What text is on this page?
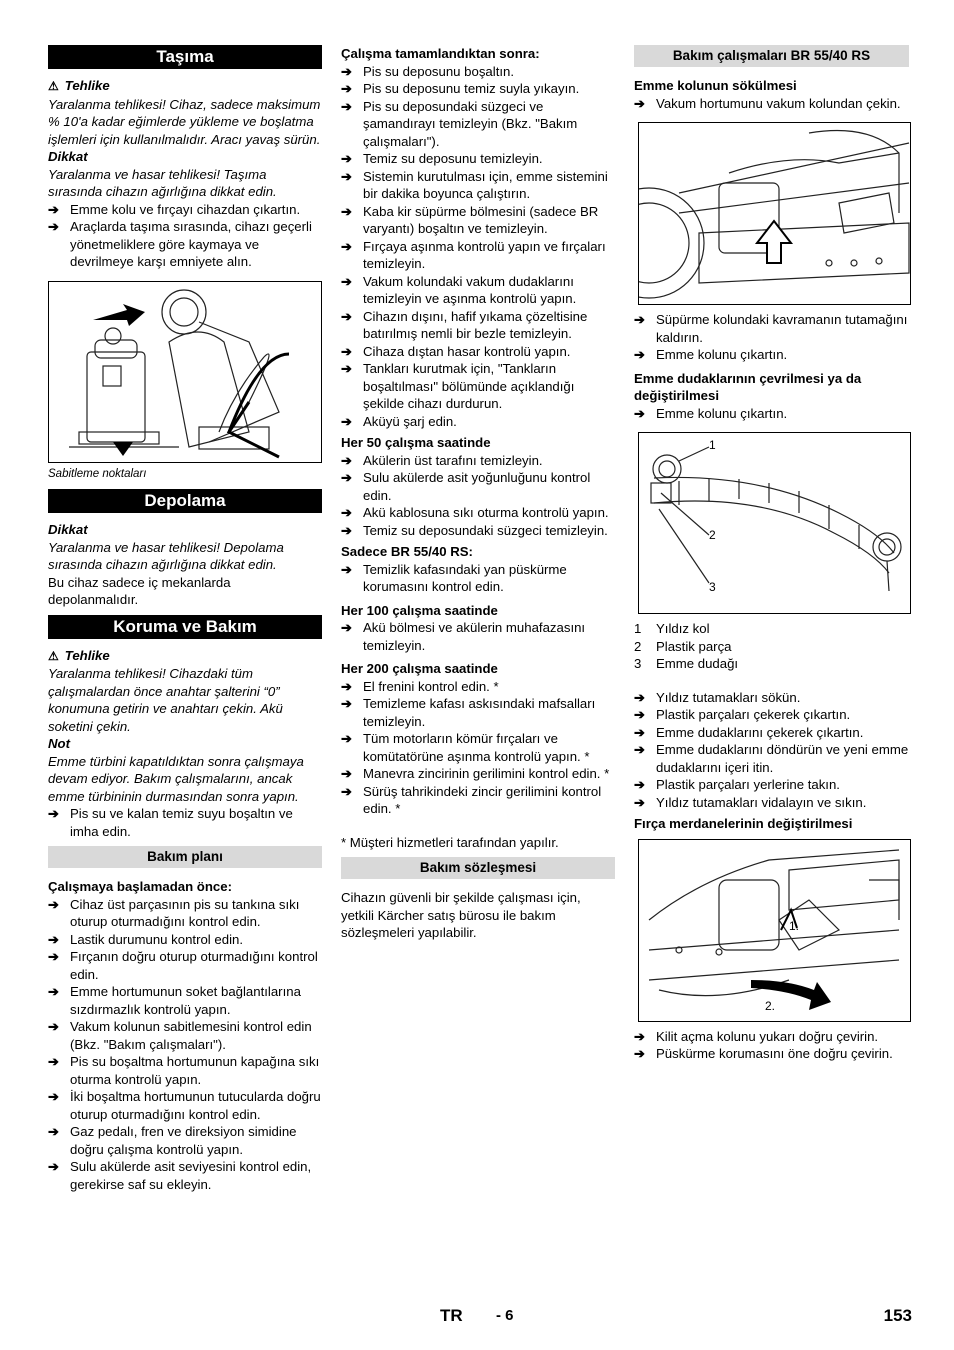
Taşıma
⚠ Tehlike
Yaralanma tehlikesi! Cihaz, sadece maksimum % 10'a kadar eğimlerde yükleme ve boşlatma işlemleri için kullanılmalıdır. Aracı yavaş sürün.
Dikkat
Yaralanma ve hasar tehlikesi! Taşıma sırasında cihazın ağırlığına dikkat edin.
➔ Emme kolu ve fırçayı cihazdan çıkartın.
➔ Araçlarda taşıma sırasında, cihazı geçerli yönetmeliklere göre kaymaya ve devrilmeye karşı emniyete alın.
Sabitleme noktaları
Depolama
Dikkat
Yaralanma ve hasar tehlikesi! Depolama sırasında cihazın ağırlığına dikkat edin.
Bu cihaz sadece iç mekanlarda depolanmalıdır.
Koruma ve Bakım
⚠ Tehlike
Yaralanma tehlikesi! Cihazdaki tüm çalışmalardan önce anahtar şalterini “0” konumuna getirin ve anahtarı çekin. Akü soketini çekin.
Not
Emme türbini kapatıldıktan sonra çalışmaya devam ediyor. Bakım çalışmalarını, ancak emme türbininin durmasından sonra yapın.
➔ Pis su ve kalan temiz suyu boşaltın ve imha edin.
Bakım planı
Çalışmaya başlamadan önce:
➔ Cihaz üst parçasının pis su tankına sıkı oturup oturmadığını kontrol edin.
➔ Lastik durumunu kontrol edin.
➔ Fırçanın doğru oturup oturmadığını kontrol edin.
➔ Emme hortumunun soket bağlantılarına sızdırmazlık kontrolü yapın.
➔ Vakum kolunun sabitlemesini kontrol edin (Bkz. "Bakım çalışmaları").
➔ Pis su boşaltma hortumunun kapağına sıkı oturma kontrolü yapın.
➔ İki boşaltma hortumunun tutucularda doğru oturup oturmadığını kontrol edin.
➔ Gaz pedalı, fren ve direksiyon simidine doğru çalışma kontrolü yapın.
➔ Sulu akülerde asit seviyesini kontrol edin, gerekirse saf su ekleyin.
Çalışma tamamlandıktan sonra:
➔ Pis su deposunu boşaltın.
➔ Pis su deposunu temiz suyla yıkayın.
➔ Pis su deposundaki süzgeci ve şamandırayı temizleyin (Bkz. "Bakım çalışmaları").
➔ Temiz su deposunu temizleyin.
➔ Sistemin kurutulması için, emme sistemini bir dakika boyunca çalıştırın.
➔ Kaba kir süpürme bölmesini (sadece BR varyantı) boşaltın ve temizleyin.
➔ Fırçaya aşınma kontrolü yapın ve fırçaları temizleyin.
➔ Vakum kolundaki vakum dudaklarını temizleyin ve aşınma kontrolü yapın.
➔ Cihazın dışını, hafif yıkama çözeltisine batırılmış nemli bir bezle temizleyin.
➔ Cihaza dıştan hasar kontrolü yapın.
➔ Tankları kurutmak için, "Tankların boşaltılması" bölümünde açıklandığı şekilde cihazı durdurun.
➔ Aküyü şarj edin.
Her 50 çalışma saatinde
➔ Akülerin üst tarafını temizleyin.
➔ Sulu akülerde asit yoğunluğunu kontrol edin.
➔ Akü kablosuna sıkı oturma kontrolü yapın.
➔ Temiz su deposundaki süzgeci temizleyin.
Sadece BR 55/40 RS:
➔ Temizlik kafasındaki yan püskürme korumasını kontrol edin.
Her 100 çalışma saatinde
➔ Akü bölmesi ve akülerin muhafazasını temizleyin.
Her 200 çalışma saatinde
➔ El frenini kontrol edin. *
➔ Temizleme kafası askısındaki mafsalları temizleyin.
➔ Tüm motorların kömür fırçaları ve komütatörüne aşınma kontrolü yapın. *
➔ Manevra zincirinin gerilimini kontrol edin. *
➔ Sürüş tahrikindeki zincir gerilimini kontrol edin. *
* Müşteri hizmetleri tarafından yapılır.
Bakım sözleşmesi
Cihazın güvenli bir şekilde çalışması için, yetkili Kärcher satış bürosu ile bakım sözleşmeleri yapılabilir.
Bakım çalışmaları BR 55/40 RS
Emme kolunun sökülmesi
➔ Vakum hortumunu vakum kolundan çekin.
➔ Süpürme kolundaki kavramanın tutamağını kaldırın.
➔ Emme kolunu çıkartın.
Emme dudaklarının çevrilmesi ya da değiştirilmesi
➔ Emme kolunu çıkartın.
1
2
3
1 Yıldız kol
2 Plastik parça
3 Emme dudağı
➔ Yıldız tutamakları sökün.
➔ Plastik parçaları çekerek çıkartın.
➔ Emme dudaklarını çekerek çıkartın.
➔ Emme dudaklarını döndürün ve yeni emme dudaklarını içeri itin.
➔ Plastik parçaları yerlerine takın.
➔ Yıldız tutamakları vidalayın ve sıkın.
Fırça merdanelerinin değiştirilmesi
1.
2.
➔ Kilit açma kolunu yukarı doğru çevirin.
➔ Püskürme korumasını öne doğru çevirin.
TR - 6	153
